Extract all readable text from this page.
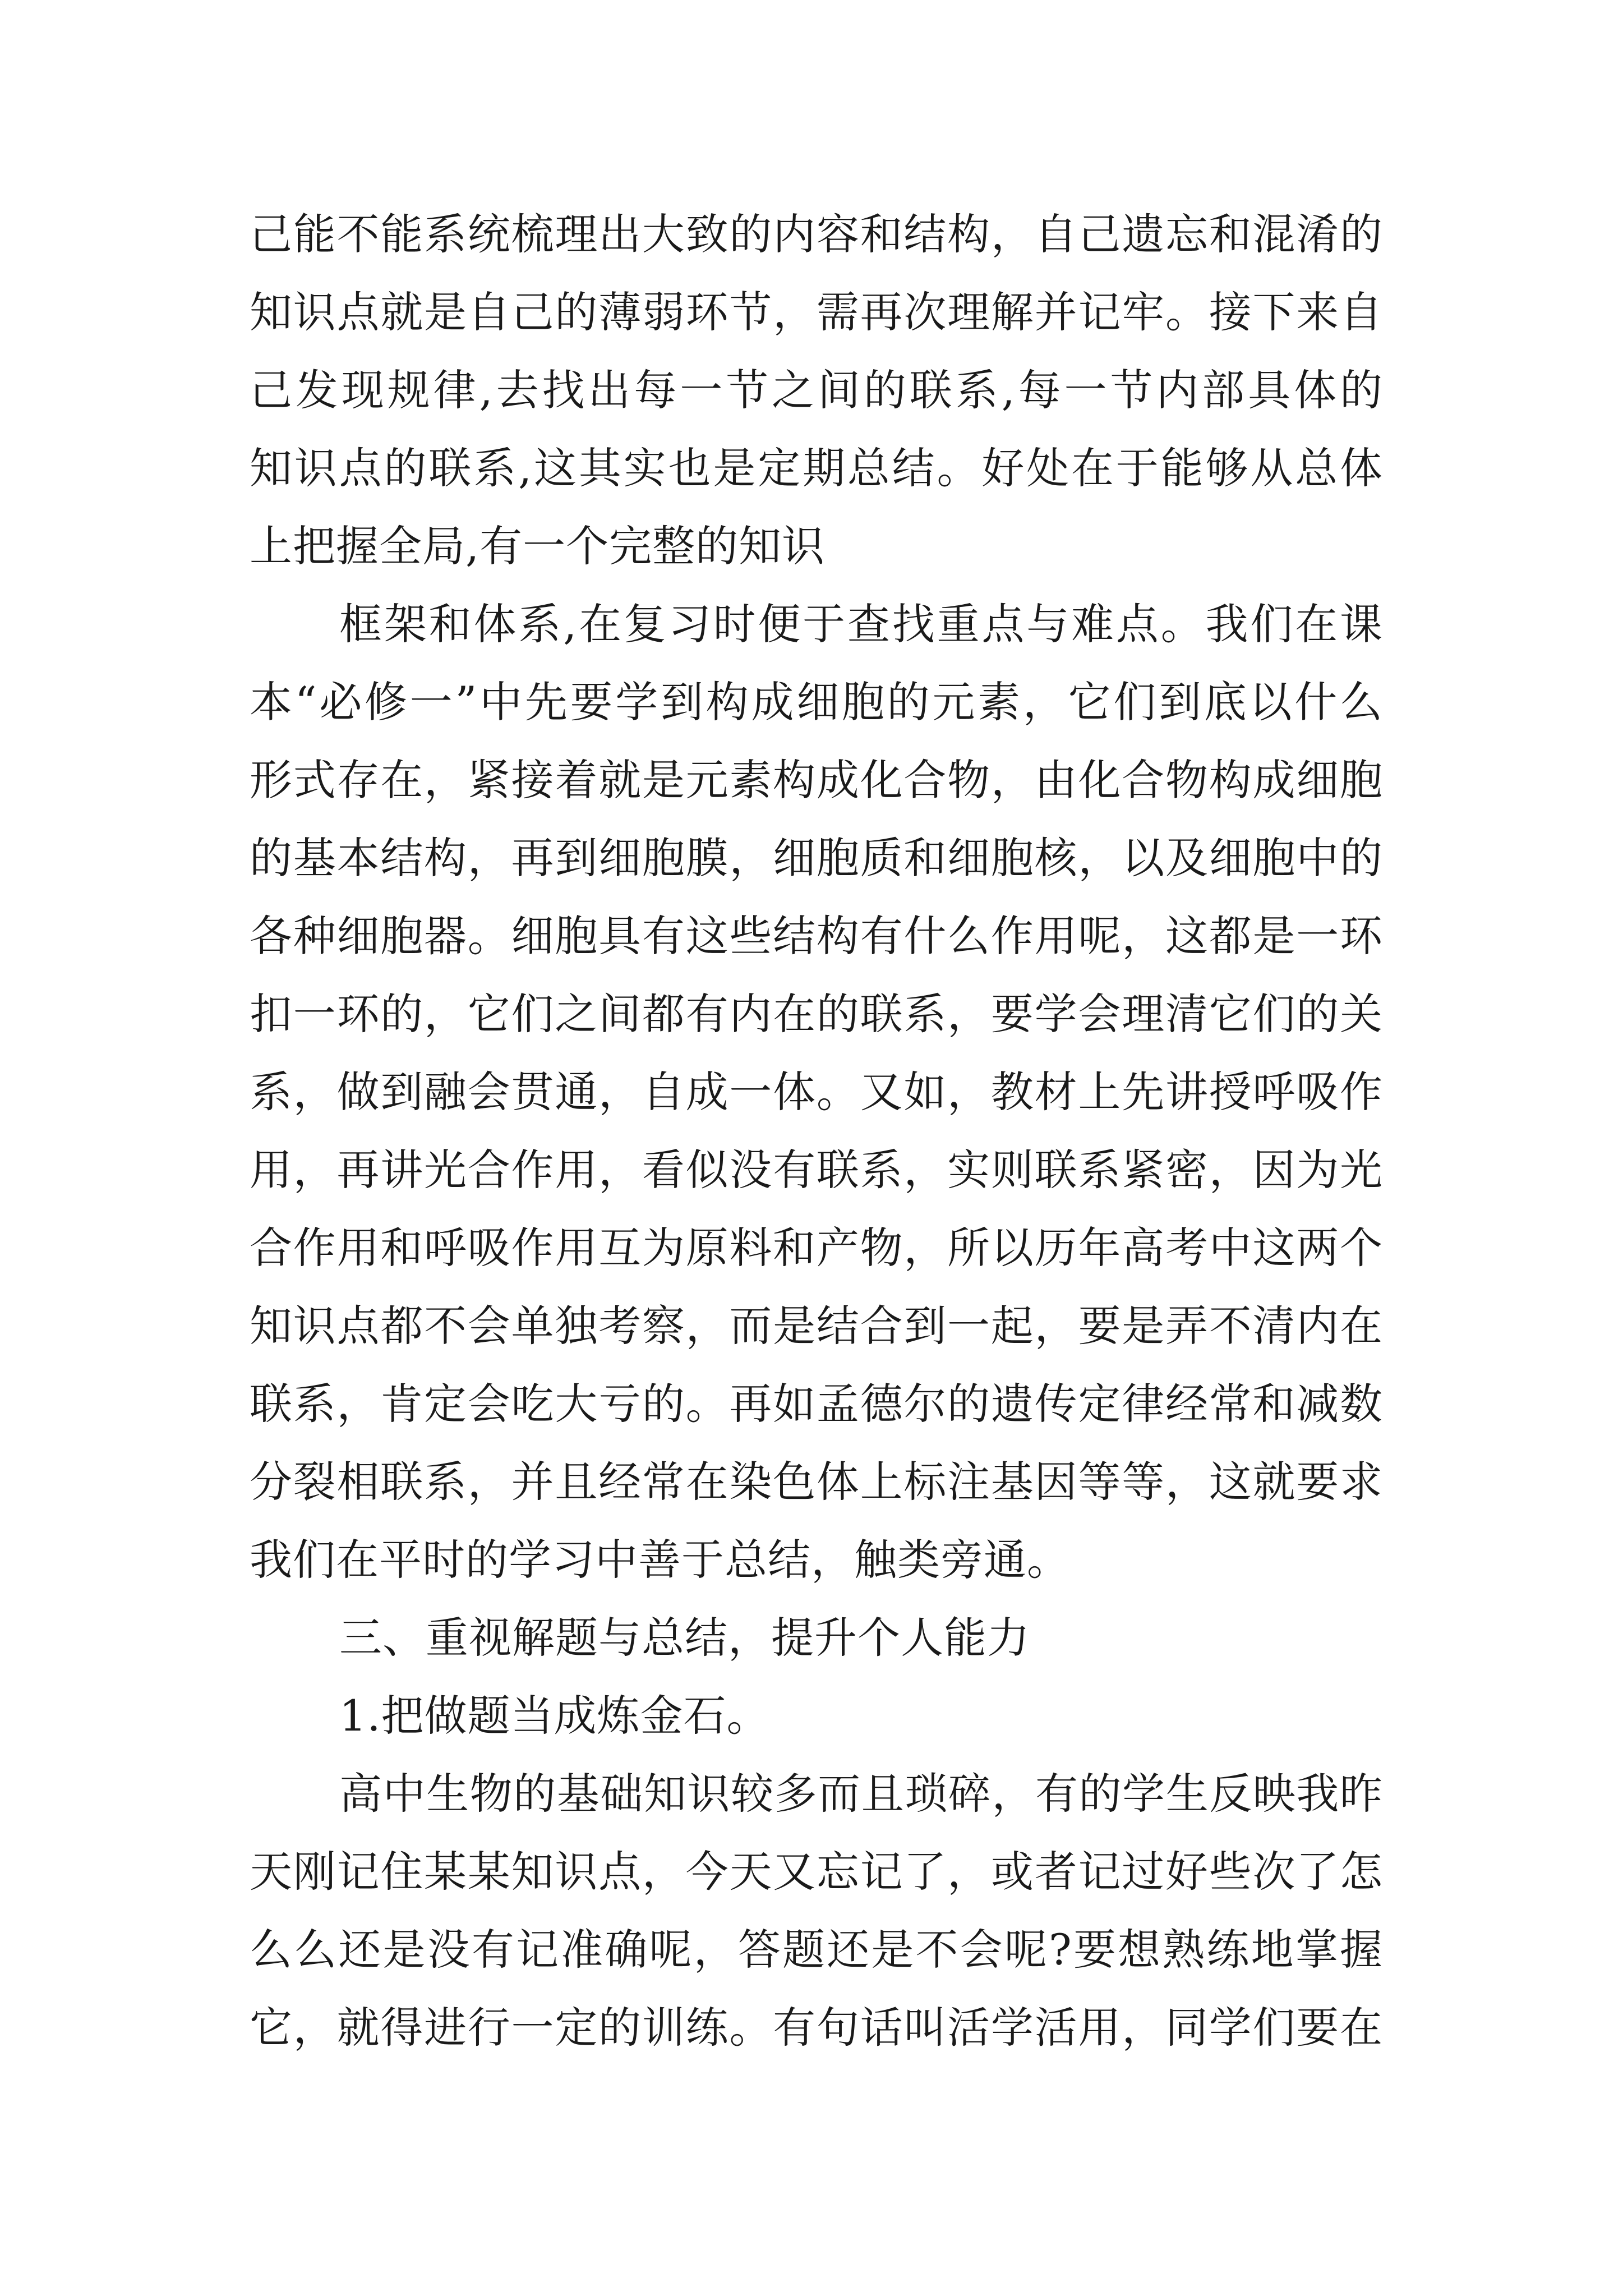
己能不能系统梳理出大致的内容和结构，自己遗忘和混淆的
知识点就是自己的薄弱环节，需再次理解并记牢。接下来自
己发现规律,去找出每一节之间的联系,每一节内部具体的
知识点的联系,这其实也是定期总结。好处在于能够从总体
上把握全局,有一个完整的知识
框架和体系,在复习时便于查找重点与难点。我们在课
本“必修一”中先要学到构成细胞的元素，它们到底以什么
形式存在，紧接着就是元素构成化合物，由化合物构成细胞
的基本结构，再到细胞膜，细胞质和细胞核，以及细胞中的
各种细胞器。细胞具有这些结构有什么作用呢，这都是一环
扣一环的，它们之间都有内在的联系，要学会理清它们的关
系，做到融会贯通，自成一体。又如，教材上先讲授呼吸作
用，再讲光合作用，看似没有联系，实则联系紧密，因为光
合作用和呼吸作用互为原料和产物，所以历年高考中这两个
知识点都不会单独考察，而是结合到一起，要是弄不清内在
联系，肯定会吃大亏的。再如孟德尔的遗传定律经常和减数
分裂相联系，并且经常在染色体上标注基因等等，这就要求
我们在平时的学习中善于总结，触类旁通。
三、重视解题与总结，提升个人能力
1.把做题当成炼金石。
高中生物的基础知识较多而且琐碎，有的学生反映我昨
天刚记住某某知识点，今天又忘记了，或者记过好些次了怎
么么还是没有记准确呢，答题还是不会呢?要想熟练地掌握
它，就得进行一定的训练。有句话叫活学活用，同学们要在
